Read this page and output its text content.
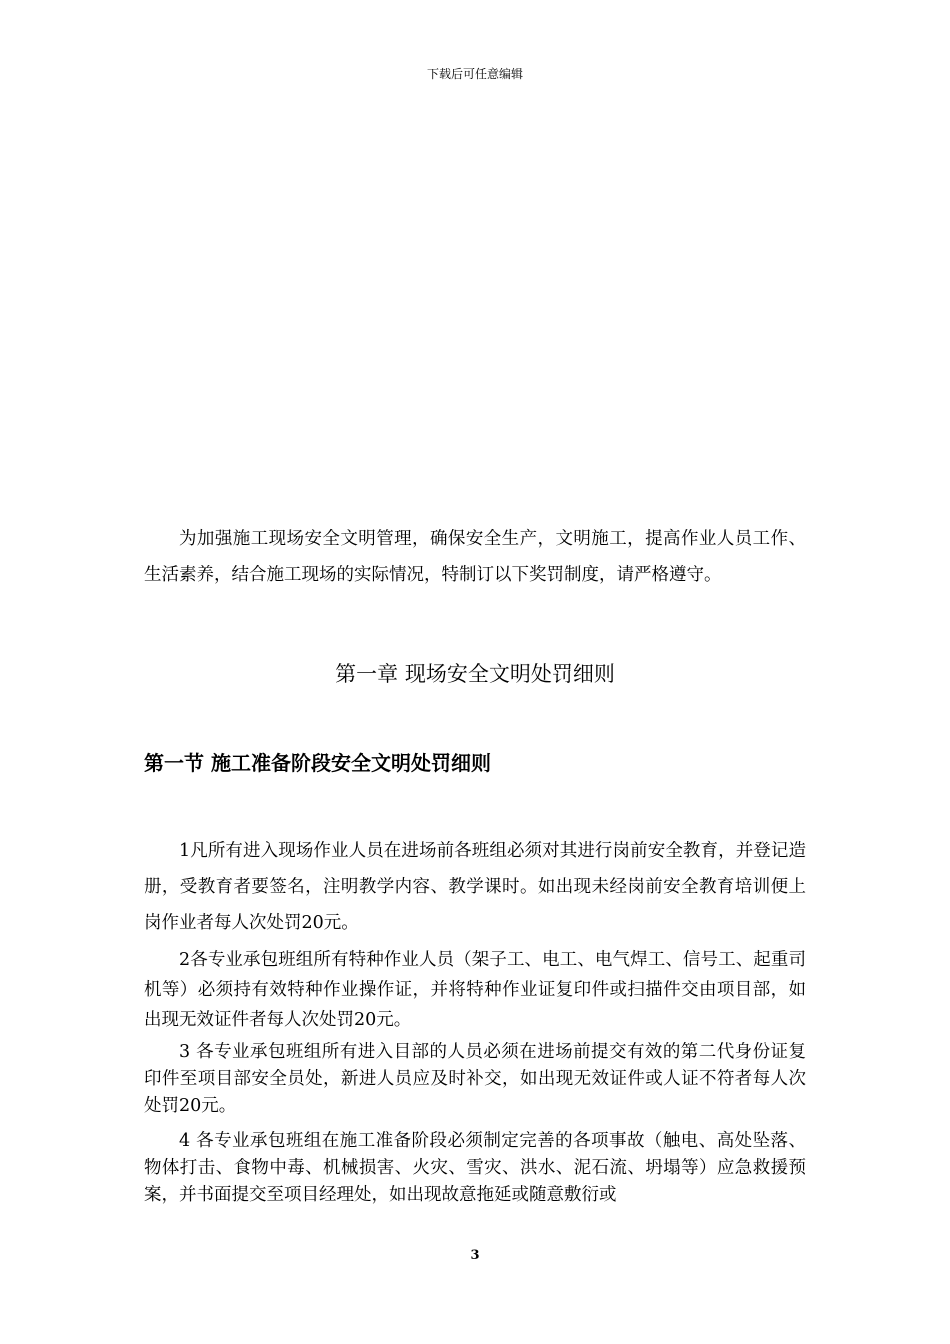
下载后可任意编辑

为加强施工现场安全文明管理，确保安全生产，文明施工，提高作业人员工作、生活素养，结合施工现场的实际情况，特制订以下奖罚制度，请严格遵守。

第一章 现场安全文明处罚细则
第一节 施工准备阶段安全文明处罚细则

1凡所有进入现场作业人员在进场前各班组必须对其进行岗前安全教育，并登记造册，受教育者要签名，注明教学内容、教学课时。如出现未经岗前安全教育培训便上岗作业者每人次处罚20元。

2各专业承包班组所有特种作业人员（架子工、电工、电气焊工、信号工、起重司机等）必须持有效特种作业操作证，并将特种作业证复印件或扫描件交由项目部，如出现无效证件者每人次处罚20元。

3 各专业承包班组所有进入目部的人员必须在进场前提交有效的第二代身份证复印件至项目部安全员处，新进人员应及时补交，如出现无效证件或人证不符者每人次处罚20元。

4 各专业承包班组在施工准备阶段必须制定完善的各项事故（触电、高处坠落、物体打击、食物中毒、机械损害、火灾、雪灾、洪水、泥石流、坍塌等）应急救援预案，并书面提交至项目经理处，如出现故意拖延或随意敷衍或

3
